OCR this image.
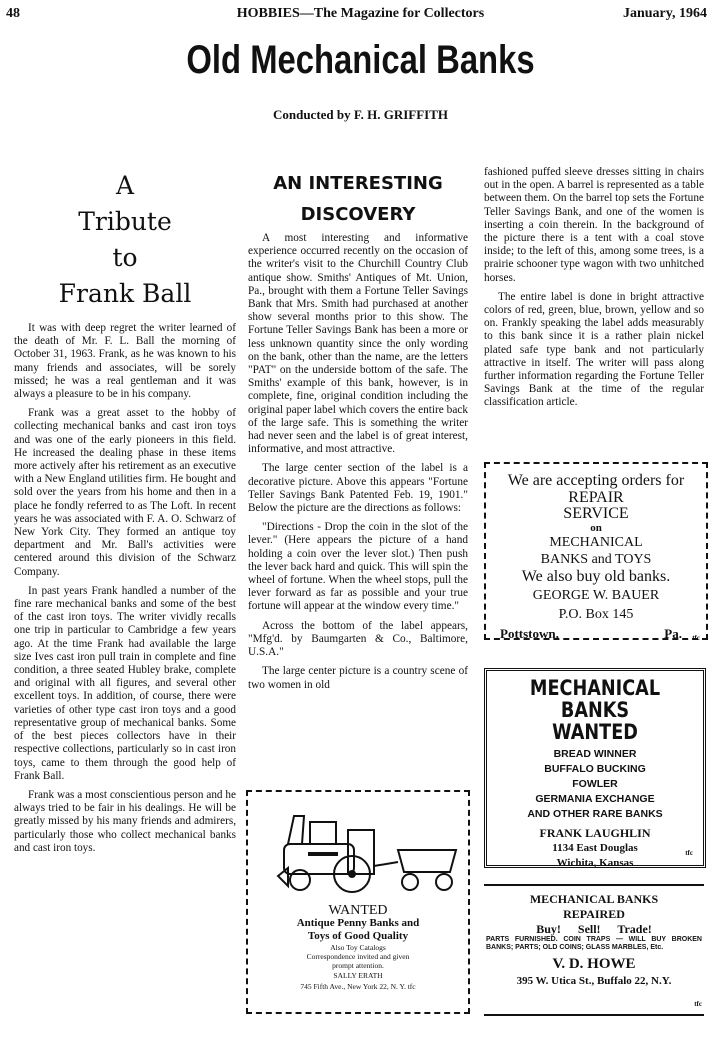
48	HOBBIES—The Magazine for Collectors	January, 1964
Old Mechanical Banks
Conducted by F. H. GRIFFITH
A
Tribute
to
Frank Ball

It was with deep regret the writer learned of the death of Mr. F. L. Ball the morning of October 31, 1963. Frank, as he was known to his many friends and associates, will be sorely missed; he was a real gentleman and it was always a pleasure to be in his company.

Frank was a great asset to the hobby of collecting mechanical banks and cast iron toys and was one of the early pioneers in this field. He increased the dealing phase in these items more actively after his retirement as an executive with a New England utilities firm. He bought and sold over the years from his home and then in a place he fondly referred to as The Loft. In recent years he was associated with F. A. O. Schwarz of New York City. They formed an antique toy department and Mr. Ball's activities were centered around this division of the Schwarz Company.

In past years Frank handled a number of the fine rare mechanical banks and some of the best of the cast iron toys. The writer vividly recalls one trip in particular to Cambridge a few years ago. At the time Frank had available the large size Ives cast iron pull train in complete and fine condition, a three seated Hubley brake, complete and original with all figures, and several other excellent toys. In addition, of course, there were varieties of other type cast iron toys and a good representative group of mechanical banks. Some of the best pieces collectors have in their respective collections, particularly so in cast iron toys, came to them through the good help of Frank Ball.

Frank was a most conscientious person and he always tried to be fair in his dealings. He will be greatly missed by his many friends and admirers, particularly those who collect mechanical banks and cast iron toys.

AN INTERESTING
DISCOVERY

A most interesting and informative experience occurred recently on the occasion of the writer's visit to the Churchill Country Club antique show. Smiths' Antiques of Mt. Union, Pa., brought with them a Fortune Teller Savings Bank that Mrs. Smith had purchased at another show several months prior to this show. The Fortune Teller Savings Bank has been a more or less unknown quantity since the only wording on the bank, other than the name, are the letters "PAT" on the underside bottom of the safe. The Smiths' example of this bank, however, is in complete, fine, original condition including the original paper label which covers the entire back of the large safe. This is something the writer had never seen and the label is of great interest, informative, and most attractive.

The large center section of the label is a decorative picture. Above this appears "Fortune Teller Savings Bank Patented Feb. 19, 1901." Below the picture are the directions as follows:

"Directions - Drop the coin in the slot of the lever." (Here appears the picture of a hand holding a coin over the lever slot.) Then push the lever back hard and quick. This will spin the wheel of fortune. When the wheel stops, pull the lever forward as far as possible and your true fortune will appear at the window every time."

Across the bottom of the label appears, "Mfg'd. by Baumgarten & Co., Baltimore, U.S.A."

The large center picture is a country scene of two women in old

WANTED
Antique Penny Banks and
Toys of Good Quality
Also Toy Catalogs
Correspondence invited and given
prompt attention.
SALLY ERATH
745 Fifth Ave., New York 22, N. Y. tfc

fashioned puffed sleeve dresses sitting in chairs out in the open. A barrel is represented as a table between them. On the barrel top sets the Fortune Teller Savings Bank, and one of the women is inserting a coin therein. In the background of the picture there is a tent with a coal stove inside; to the left of this, among some trees, is a prairie schooner type wagon with two unhitched horses.

The entire label is done in bright attractive colors of red, green, blue, brown, yellow and so on. Frankly speaking the label adds measurably to this bank since it is a rather plain nickel plated safe type bank and not particularly attractive in itself. The writer will pass along further information regarding the Fortune Teller Savings Bank at the time of the regular classification article.

We are accepting orders for
REPAIR
SERVICE
on
MECHANICAL
BANKS and TOYS
We also buy old banks.
GEORGE W. BAUER
P.O. Box 145
Pottstown,	Pa. tfc
MECHANICAL BANKS
WANTED
BREAD WINNER
BUFFALO BUCKING
FOWLER
GERMANIA EXCHANGE
AND OTHER RARE BANKS
FRANK LAUGHLIN
1134 East Douglas
Wichita, Kansas
tfc
MECHANICAL BANKS
REPAIRED
Buy! Sell! Trade!
PARTS FURNISHED. COIN TRAPS — WILL BUY BROKEN BANKS; PARTS; OLD COINS; GLASS MARBLES, Etc.
V. D. HOWE
395 W. Utica St., Buffalo 22, N.Y.
tfc
